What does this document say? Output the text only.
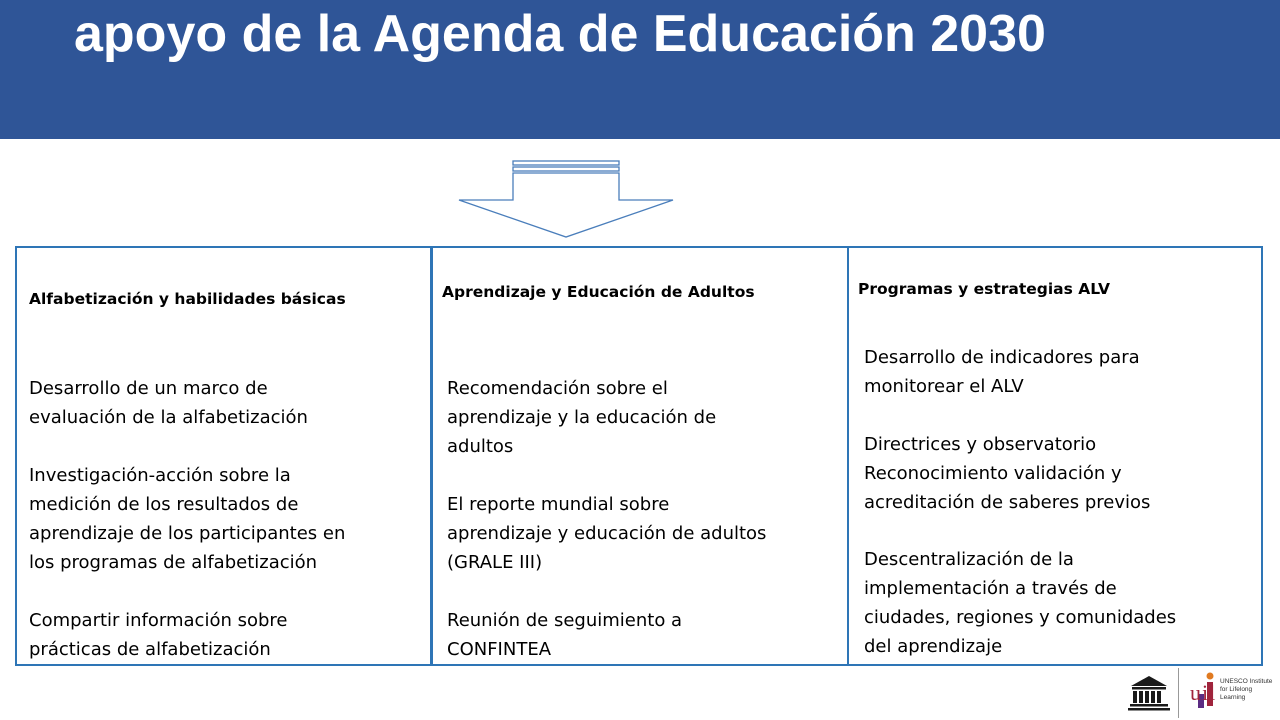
apoyo de la Agenda de Educación 2030
Alfabetización y habilidades básicas
Desarrollo de un marco de
evaluación de la alfabetización
Investigación-acción sobre la
medición de los resultados de
aprendizaje de los participantes en
los programas de alfabetización
Compartir información sobre
prácticas de alfabetización
Aprendizaje y Educación de Adultos
Recomendación sobre el
aprendizaje y la educación de
adultos
El reporte mundial sobre
aprendizaje y educación de adultos
(GRALE III)
Reunión de seguimiento a
CONFINTEA
Programas y estrategias ALV
Desarrollo de indicadores para
monitorear el ALV
Directrices y observatorio
Reconocimiento validación y
acreditación de saberes previos
Descentralización de la
implementación a través de
ciudades, regiones y comunidades
del aprendizaje
uil UNESCO Institute for Lifelong Learning
